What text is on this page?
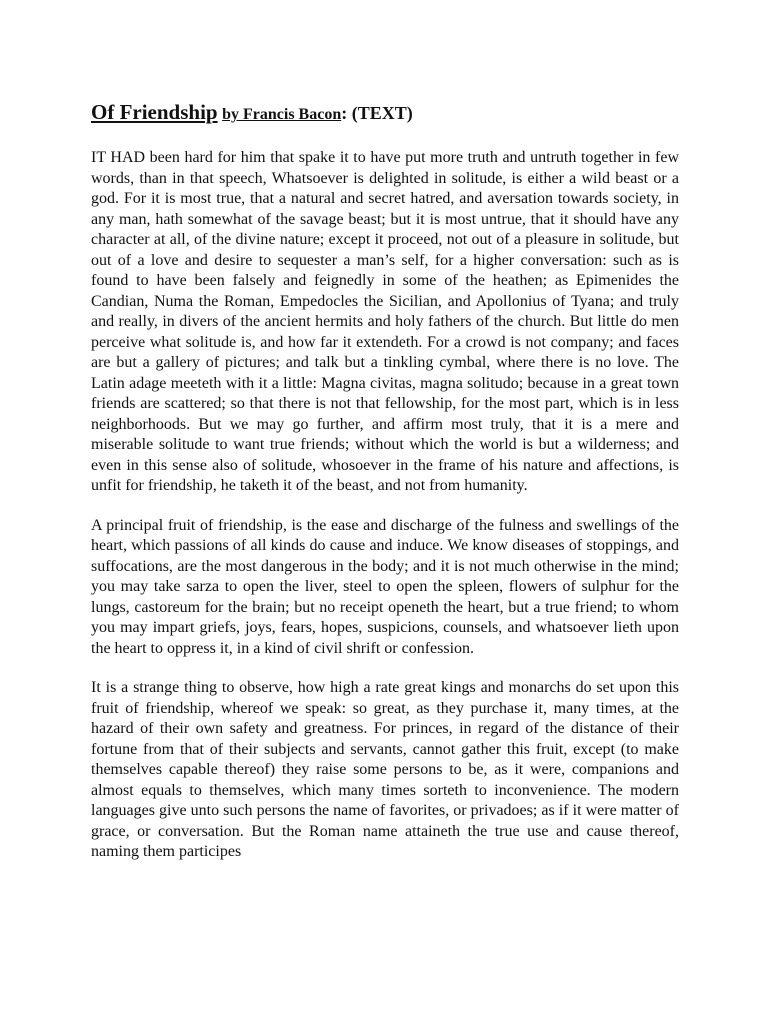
Of Friendship by Francis Bacon: (TEXT)

IT HAD been hard for him that spake it to have put more truth and untruth together in few words, than in that speech, Whatsoever is delighted in solitude, is either a wild beast or a god. For it is most true, that a natural and secret hatred, and aversation towards society, in any man, hath somewhat of the savage beast; but it is most untrue, that it should have any character at all, of the divine nature; except it proceed, not out of a pleasure in solitude, but out of a love and desire to sequester a man’s self, for a higher conversation: such as is found to have been falsely and feignedly in some of the heathen; as Epimenides the Candian, Numa the Roman, Empedocles the Sicilian, and Apollonius of Tyana; and truly and really, in divers of the ancient hermits and holy fathers of the church. But little do men perceive what solitude is, and how far it extendeth. For a crowd is not company; and faces are but a gallery of pictures; and talk but a tinkling cymbal, where there is no love. The Latin adage meeteth with it a little: Magna civitas, magna solitudo; because in a great town friends are scattered; so that there is not that fellowship, for the most part, which is in less neighborhoods. But we may go further, and affirm most truly, that it is a mere and miserable solitude to want true friends; without which the world is but a wilderness; and even in this sense also of solitude, whosoever in the frame of his nature and affections, is unfit for friendship, he taketh it of the beast, and not from humanity.

A principal fruit of friendship, is the ease and discharge of the fulness and swellings of the heart, which passions of all kinds do cause and induce. We know diseases of stoppings, and suffocations, are the most dangerous in the body; and it is not much otherwise in the mind; you may take sarza to open the liver, steel to open the spleen, flowers of sulphur for the lungs, castoreum for the brain; but no receipt openeth the heart, but a true friend; to whom you may impart griefs, joys, fears, hopes, suspicions, counsels, and whatsoever lieth upon the heart to oppress it, in a kind of civil shrift or confession.

It is a strange thing to observe, how high a rate great kings and monarchs do set upon this fruit of friendship, whereof we speak: so great, as they purchase it, many times, at the hazard of their own safety and greatness. For princes, in regard of the distance of their fortune from that of their subjects and servants, cannot gather this fruit, except (to make themselves capable thereof) they raise some persons to be, as it were, companions and almost equals to themselves, which many times sorteth to inconvenience. The modern languages give unto such persons the name of favorites, or privadoes; as if it were matter of grace, or conversation. But the Roman name attaineth the true use and cause thereof, naming them participes
